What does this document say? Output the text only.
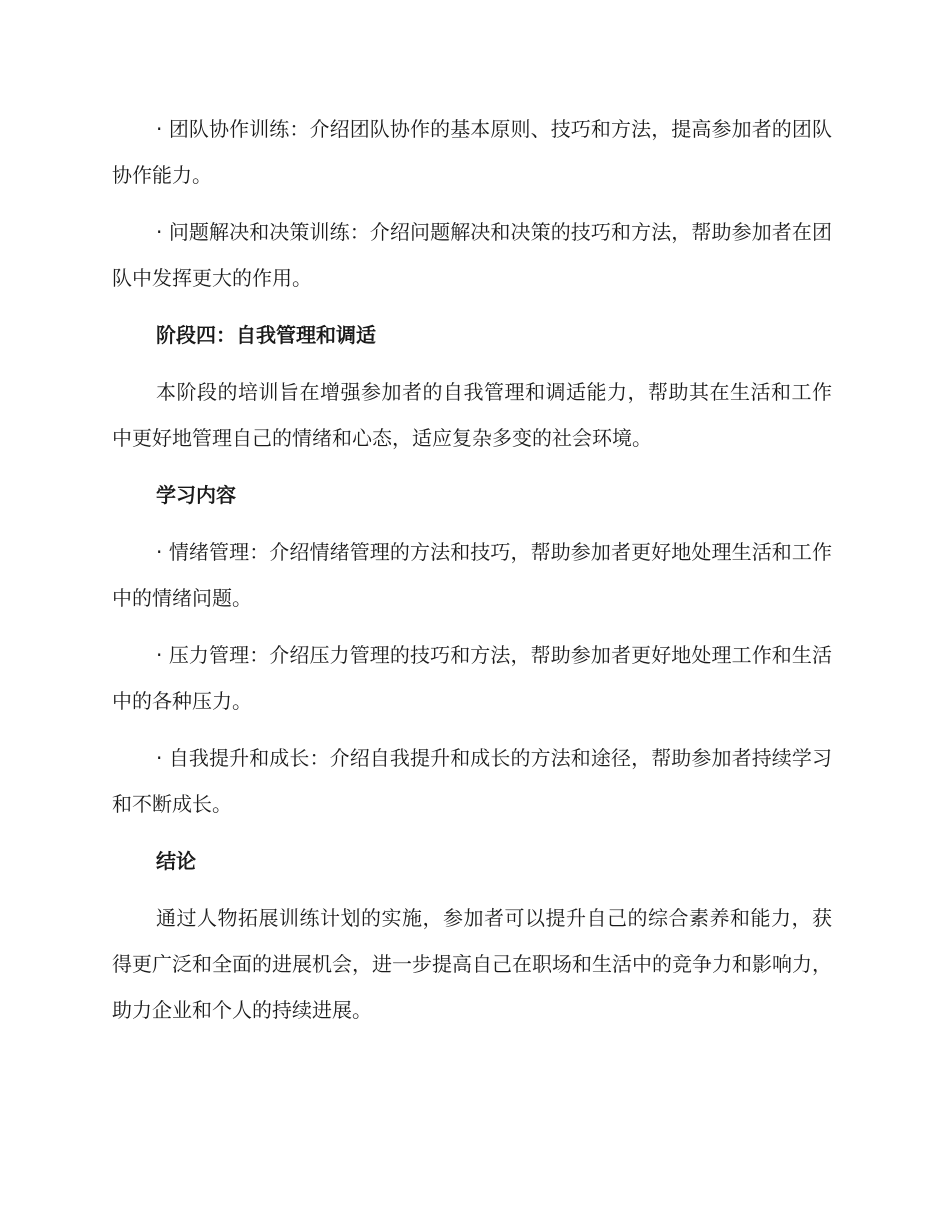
· 团队协作训练：介绍团队协作的基本原则、技巧和方法，提高参加者的团队协作能力。

· 问题解决和决策训练：介绍问题解决和决策的技巧和方法，帮助参加者在团队中发挥更大的作用。

阶段四：自我管理和调适

本阶段的培训旨在增强参加者的自我管理和调适能力，帮助其在生活和工作中更好地管理自己的情绪和心态，适应复杂多变的社会环境。

学习内容

· 情绪管理：介绍情绪管理的方法和技巧，帮助参加者更好地处理生活和工作中的情绪问题。

· 压力管理：介绍压力管理的技巧和方法，帮助参加者更好地处理工作和生活中的各种压力。

· 自我提升和成长：介绍自我提升和成长的方法和途径，帮助参加者持续学习和不断成长。

结论

通过人物拓展训练计划的实施，参加者可以提升自己的综合素养和能力，获得更广泛和全面的进展机会，进一步提高自己在职场和生活中的竞争力和影响力，助力企业和个人的持续进展。
